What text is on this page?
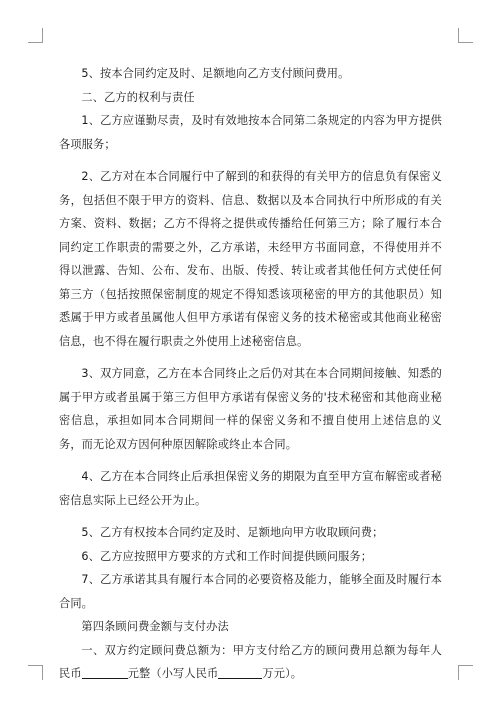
5、按本合同约定及时、足额地向乙方支付顾问费用。

二、乙方的权利与责任

1、乙方应谨勤尽责，及时有效地按本合同第二条规定的内容为甲方提供各项服务；

2、乙方对在本合同履行中了解到的和获得的有关甲方的信息负有保密义务，包括但不限于甲方的资料、信息、数据以及本合同执行中所形成的有关方案、资料、数据；乙方不得将之提供或传播给任何第三方；除了履行本合同约定工作职责的需要之外，乙方承诺，未经甲方书面同意，不得使用并不得以泄露、告知、公布、发布、出版、传授、转让或者其他任何方式使任何第三方（包括按照保密制度的规定不得知悉该项秘密的甲方的其他职员）知悉属于甲方或者虽属他人但甲方承诺有保密义务的技术秘密或其他商业秘密信息，也不得在履行职责之外使用上述秘密信息。

3、双方同意，乙方在本合同终止之后仍对其在本合同期间接触、知悉的属于甲方或者虽属于第三方但甲方承诺有保密义务的'技术秘密和其他商业秘密信息，承担如同本合同期间一样的保密义务和不擅自使用上述信息的义务，而无论双方因何种原因解除或终止本合同。

4、乙方在本合同终止后承担保密义务的期限为直至甲方宣布解密或者秘密信息实际上已经公开为止。

5、乙方有权按本合同约定及时、足额地向甲方收取顾问费；

6、乙方应按照甲方要求的方式和工作时间提供顾问服务；

7、乙方承诺其具有履行本合同的必要资格及能力，能够全面及时履行本合同。

第四条顾问费金额与支付办法

一、双方约定顾问费总额为：甲方支付给乙方的顾问费用总额为每年人民币	元整（小写人民币	万元）。
